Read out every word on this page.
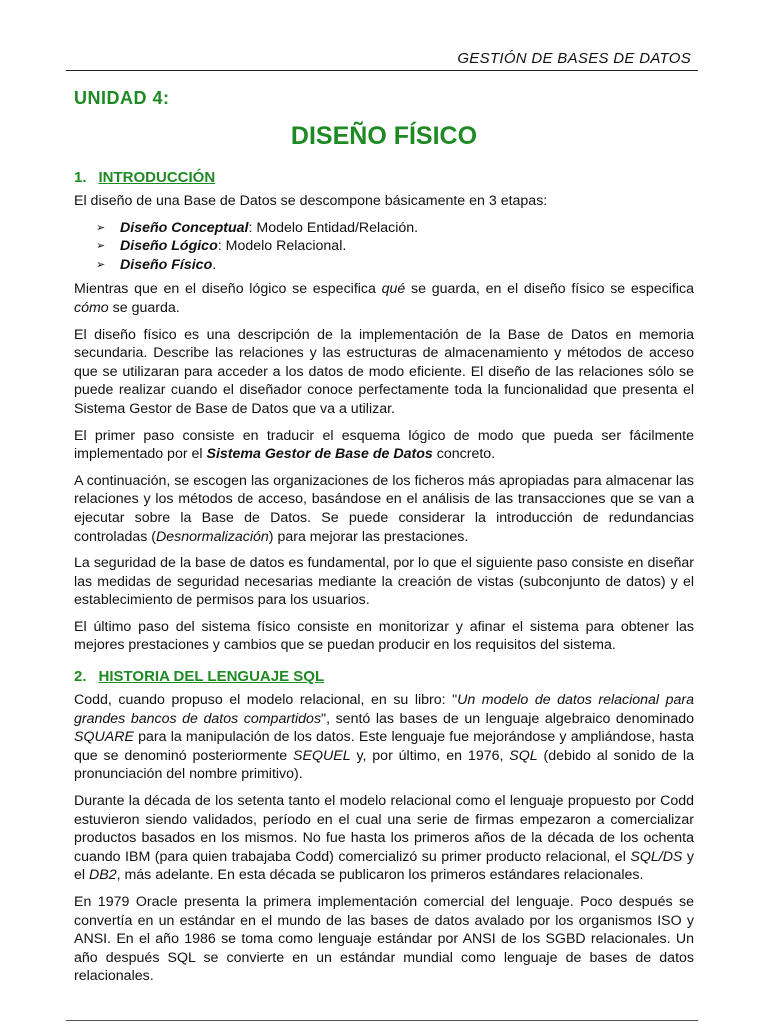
GESTIÓN DE BASES DE DATOS
UNIDAD 4:
DISEÑO FÍSICO
1. INTRODUCCIÓN

El diseño de una Base de Datos se descompone básicamente en 3 etapas:

➢ Diseño Conceptual: Modelo Entidad/Relación.
➢ Diseño Lógico: Modelo Relacional.
➢ Diseño Físico.

Mientras que en el diseño lógico se especifica qué se guarda, en el diseño físico se especifica cómo se guarda.

El diseño físico es una descripción de la implementación de la Base de Datos en memoria secundaria. Describe las relaciones y las estructuras de almacenamiento y métodos de acceso que se utilizaran para acceder a los datos de modo eficiente. El diseño de las relaciones sólo se puede realizar cuando el diseñador conoce perfectamente toda la funcionalidad que presenta el Sistema Gestor de Base de Datos que va a utilizar.

El primer paso consiste en traducir el esquema lógico de modo que pueda ser fácilmente implementado por el Sistema Gestor de Base de Datos concreto.

A continuación, se escogen las organizaciones de los ficheros más apropiadas para almacenar las relaciones y los métodos de acceso, basándose en el análisis de las transacciones que se van a ejecutar sobre la Base de Datos. Se puede considerar la introducción de redundancias controladas (Desnormalización) para mejorar las prestaciones.

La seguridad de la base de datos es fundamental, por lo que el siguiente paso consiste en diseñar las medidas de seguridad necesarias mediante la creación de vistas (subconjunto de datos) y el establecimiento de permisos para los usuarios.

El último paso del sistema físico consiste en monitorizar y afinar el sistema para obtener las mejores prestaciones y cambios que se puedan producir en los requisitos del sistema.

2. HISTORIA DEL LENGUAJE SQL

Codd, cuando propuso el modelo relacional, en su libro: "Un modelo de datos relacional para grandes bancos de datos compartidos", sentó las bases de un lenguaje algebraico denominado SQUARE para la manipulación de los datos. Este lenguaje fue mejorándose y ampliándose, hasta que se denominó posteriormente SEQUEL y, por último, en 1976, SQL (debido al sonido de la pronunciación del nombre primitivo).

Durante la década de los setenta tanto el modelo relacional como el lenguaje propuesto por Codd estuvieron siendo validados, período en el cual una serie de firmas empezaron a comercializar productos basados en los mismos. No fue hasta los primeros años de la década de los ochenta cuando IBM (para quien trabajaba Codd) comercializó su primer producto relacional, el SQL/DS y el DB2, más adelante. En esta década se publicaron los primeros estándares relacionales.

En 1979 Oracle presenta la primera implementación comercial del lenguaje. Poco después se convertía en un estándar en el mundo de las bases de datos avalado por los organismos ISO y ANSI. En el año 1986 se toma como lenguaje estándar por ANSI de los SGBD relacionales. Un año después SQL se convierte en un estándar mundial como lenguaje de bases de datos relacionales.
